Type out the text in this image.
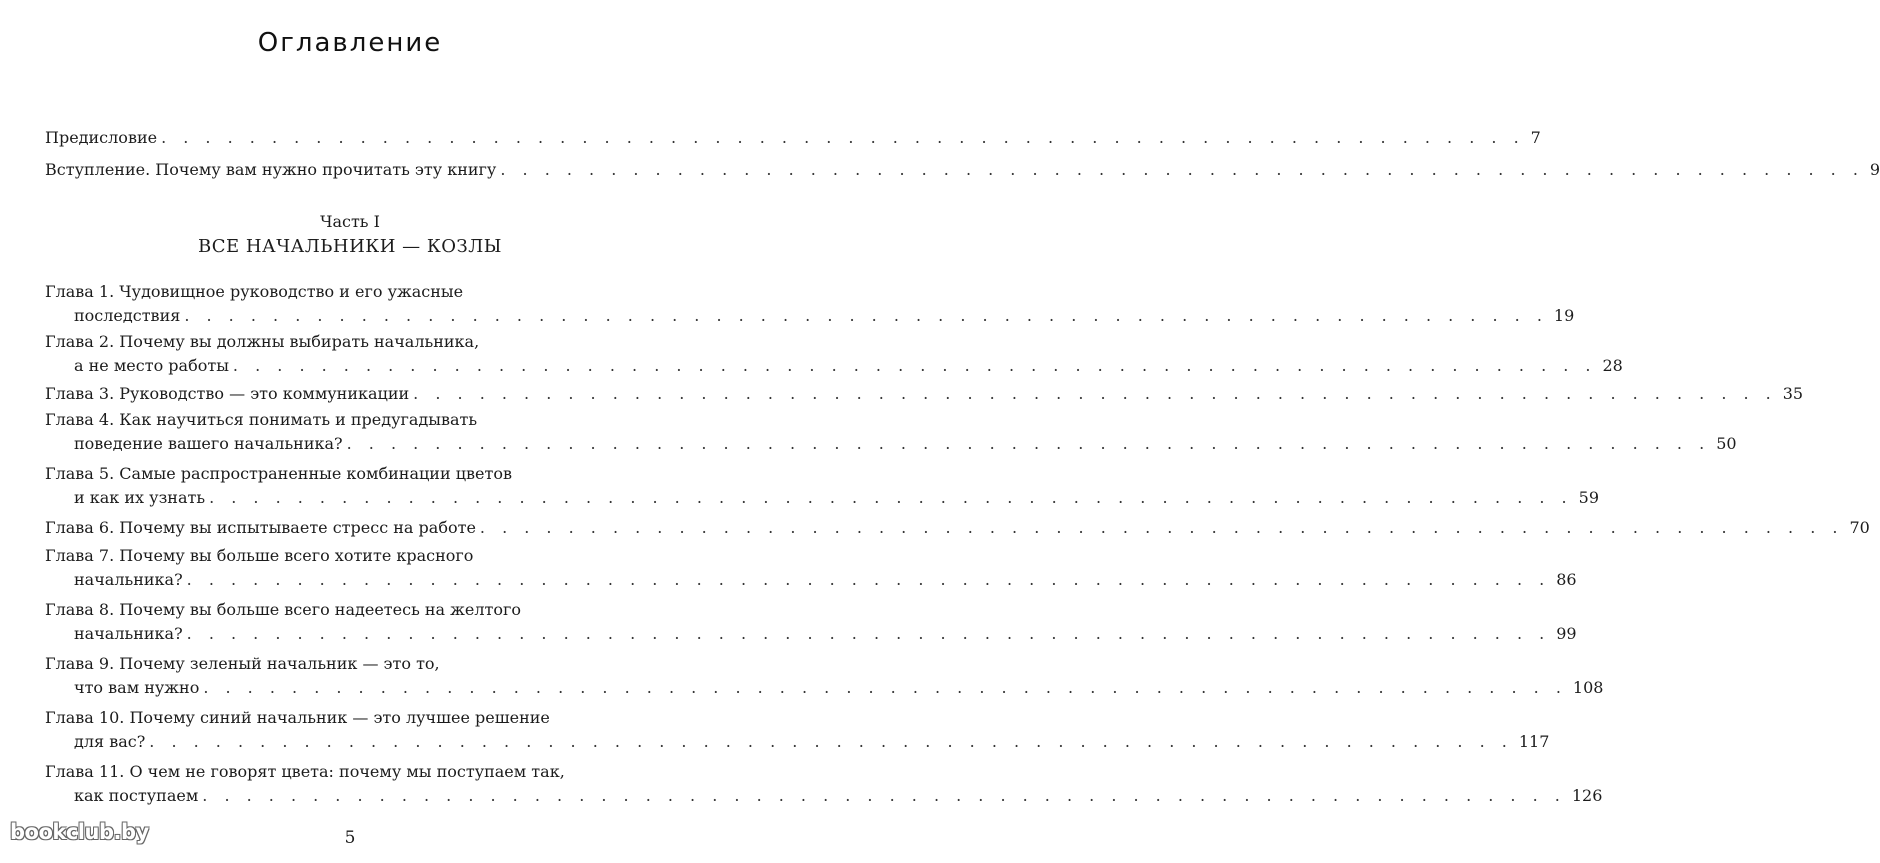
Оглавление
Предисловие . . . . . . . . . . . . . . . . . . . . . . . . . . . . . . . . . . . . . . . . . . . . . . . . . . . . . . . . . . . . . . 7
Вступление. Почему вам нужно прочитать эту книгу . . . . . . . . . . . . . . . . . . . . . . . . . . . . . . . . . . . . . . . . . . . . . . . . . . . . . . . . . . . . . . 9
Часть I
ВСЕ НАЧАЛЬНИКИ — КОЗЛЫ
Глава 1. Чудовищное руководство и его ужасные
последствия . . . . . . . . . . . . . . . . . . . . . . . . . . . . . . . . . . . . . . . . . . . . . . . . . . . . . . . . . . . . . . 19
Глава 2. Почему вы должны выбирать начальника,
а не место работы . . . . . . . . . . . . . . . . . . . . . . . . . . . . . . . . . . . . . . . . . . . . . . . . . . . . . . . . . . . . . . 28
Глава 3. Руководство — это коммуникации . . . . . . . . . . . . . . . . . . . . . . . . . . . . . . . . . . . . . . . . . . . . . . . . . . . . . . . . . . . . . . 35
Глава 4. Как научиться понимать и предугадывать
поведение вашего начальника? . . . . . . . . . . . . . . . . . . . . . . . . . . . . . . . . . . . . . . . . . . . . . . . . . . . . . . . . . . . . . . 50
Глава 5. Самые распространенные комбинации цветов
и как их узнать . . . . . . . . . . . . . . . . . . . . . . . . . . . . . . . . . . . . . . . . . . . . . . . . . . . . . . . . . . . . . . 59
Глава 6. Почему вы испытываете стресс на работе . . . . . . . . . . . . . . . . . . . . . . . . . . . . . . . . . . . . . . . . . . . . . . . . . . . . . . . . . . . . . . 70
Глава 7. Почему вы больше всего хотите красного
начальника? . . . . . . . . . . . . . . . . . . . . . . . . . . . . . . . . . . . . . . . . . . . . . . . . . . . . . . . . . . . . . . 86
Глава 8. Почему вы больше всего надеетесь на желтого
начальника? . . . . . . . . . . . . . . . . . . . . . . . . . . . . . . . . . . . . . . . . . . . . . . . . . . . . . . . . . . . . . . 99
Глава 9. Почему зеленый начальник — это то,
что вам нужно . . . . . . . . . . . . . . . . . . . . . . . . . . . . . . . . . . . . . . . . . . . . . . . . . . . . . . . . . . . . . . 108
Глава 10. Почему синий начальник — это лучшее решение
для вас? . . . . . . . . . . . . . . . . . . . . . . . . . . . . . . . . . . . . . . . . . . . . . . . . . . . . . . . . . . . . . . 117
Глава 11. О чем не говорят цвета: почему мы поступаем так,
как поступаем . . . . . . . . . . . . . . . . . . . . . . . . . . . . . . . . . . . . . . . . . . . . . . . . . . . . . . . . . . . . . . 126
5
bookclub.by
